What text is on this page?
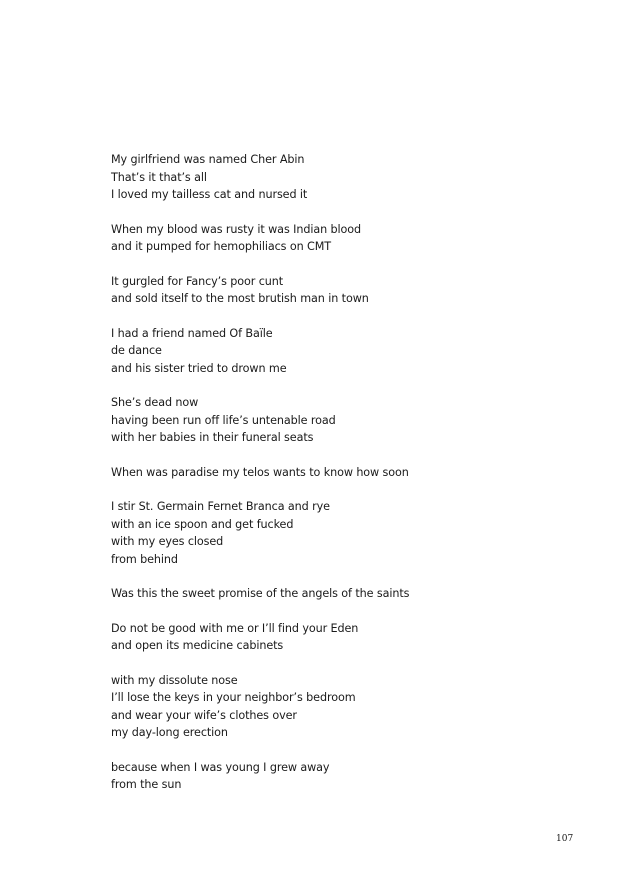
My girlfriend was named Cher Abin
That’s it that’s all
I loved my tailless cat and nursed it
When my blood was rusty it was Indian blood
and it pumped for hemophiliacs on CMT
It gurgled for Fancy’s poor cunt
and sold itself to the most brutish man in town
I had a friend named Of Baïle
de dance
and his sister tried to drown me
She’s dead now
having been run off life’s untenable road
with her babies in their funeral seats
When was paradise my telos wants to know how soon
I stir St. Germain Fernet Branca and rye
with an ice spoon and get fucked
with my eyes closed
from behind
Was this the sweet promise of the angels of the saints
Do not be good with me or I’ll find your Eden
and open its medicine cabinets
with my dissolute nose
I’ll lose the keys in your neighbor’s bedroom
and wear your wife’s clothes over
my day-long erection
because when I was young I grew away
from the sun
107
